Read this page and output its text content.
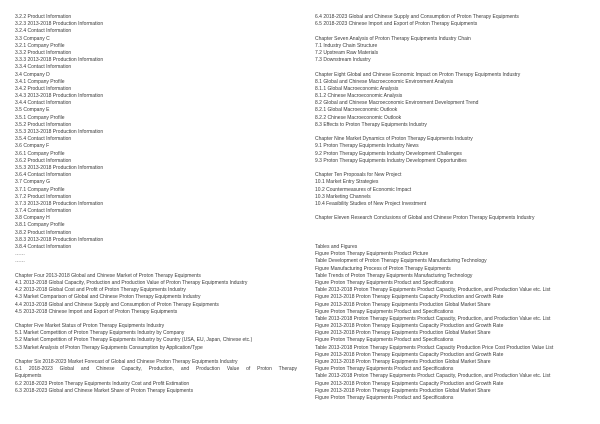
3.2.2 Product Information
3.2.3 2013-2018 Production Information
3.2.4 Contact Information
3.3 Company C
3.2.1 Company Profile
3.3.2 Product Information
3.3.3 2013-2018 Production Information
3.3.4 Contact Information
3.4 Company D
3.4.1 Company Profile
3.4.2 Product Information
3.4.3 2013-2018 Production Information
3.4.4 Contact Information
3.5 Company E
3.5.1 Company Profile
3.5.2 Product Information
3.5.3 2013-2018 Production Information
3.5.4 Contact Information
3.6 Company F
3.6.1 Company Profile
3.6.2 Product Information
3.5.3 2013-2018 Production Information
3.6.4 Contact Information
3.7 Company G
3.7.1 Company Profile
3.7.2 Product Information
3.7.3 2013-2018 Production Information
3.7.4 Contact Information
3.8 Company H
3.8.1 Company Profile
3.8.2 Product Information
3.8.3 2013-2018 Production Information
3.8.4 Contact Information
……
……
Chapter Four 2013-2018 Global and Chinese Market of Proton Therapy Equipments
4.1 2013-2018 Global Capacity, Production and Production Value of Proton Therapy Equipments Industry
4.2 2013-2018 Global Cost and Profit of Proton Therapy Equipments Industry
4.3 Market Comparison of Global and Chinese Proton Therapy Equipments Industry
4.4 2013-2018 Global and Chinese Supply and Consumption of Proton Therapy Equipments
4.5 2013-2018 Chinese Import and Export of Proton Therapy Equipments
Chapter Five Market Status of Proton Therapy Equipments Industry
5.1 Market Competition of Proton Therapy Equipments Industry by Company
5.2 Market Competition of Proton Therapy Equipments Industry by Country (USA, EU, Japan, Chinese etc.)
5.3 Market Analysis of Proton Therapy Equipments Consumption by Application/Type
Chapter Six 2018-2023 Market Forecast of Global and Chinese Proton Therapy Equipments Industry
6.1 2018-2023 Global and Chinese Capacity, Production, and Production Value of Proton Therapy
Equipments
6.2 2018-2023 Proton Therapy Equipments Industry Cost and Profit Estimation
6.3 2018-2023 Global and Chinese Market Share of Proton Therapy Equipments
6.4 2018-2023 Global and Chinese Supply and Consumption of Proton Therapy Equipments
6.5 2018-2023 Chinese Import and Export of Proton Therapy Equipments
Chapter Seven Analysis of Proton Therapy Equipments Industry Chain
7.1 Industry Chain Structure
7.2 Upstream Raw Materials
7.3 Downstream Industry
Chapter Eight Global and Chinese Economic Impact on Proton Therapy Equipments Industry
8.1 Global and Chinese Macroeconomic Environment Analysis
8.1.1 Global Macroeconomic Analysis
8.1.2 Chinese Macroeconomic Analysis
8.2 Global and Chinese Macroeconomic Environment Development Trend
8.2.1 Global Macroeconomic Outlook
8.2.2 Chinese Macroeconomic Outlook
8.3 Effects to Proton Therapy Equipments Industry
Chapter Nine Market Dynamics of Proton Therapy Equipments Industry
9.1 Proton Therapy Equipments Industry News
9.2 Proton Therapy Equipments Industry Development Challenges
9.3 Proton Therapy Equipments Industry Development Opportunities
Chapter Ten Proposals for New Project
10.1 Market Entry Strategies
10.2 Countermeasures of Economic Impact
10.3 Marketing Channels
10.4 Feasibility Studies of New Project Investment
Chapter Eleven Research Conclusions of Global and Chinese Proton Therapy Equipments Industry
Tables and Figures
Figure Proton Therapy Equipments Product Picture
Table Development of Proton Therapy Equipments Manufacturing Technology
Figure Manufacturing Process of Proton Therapy Equipments
Table Trends of Proton Therapy Equipments Manufacturing Technology
Figure Proton Therapy Equipments Product and Specifications
Table 2013-2018 Proton Therapy Equipments Product Capacity, Production, and Production Value etc. List
Figure 2013-2018 Proton Therapy Equipments Capacity Production and Growth Rate
Figure 2013-2018 Proton Therapy Equipments Production Global Market Share
Figure Proton Therapy Equipments Product and Specifications
Table 2013-2018 Proton Therapy Equipments Product Capacity, Production, and Production Value etc. List
Figure 2013-2018 Proton Therapy Equipments Capacity Production and Growth Rate
Figure 2013-2018 Proton Therapy Equipments Production Global Market Share
Figure Proton Therapy Equipments Product and Specifications
Table 2013-2018 Proton Therapy Equipments Product Capacity Production Price Cost Production Value List
Figure 2013-2018 Proton Therapy Equipments Capacity Production and Growth Rate
Figure 2013-2018 Proton Therapy Equipments Production Global Market Share
Figure Proton Therapy Equipments Product and Specifications
Table 2013-2018 Proton Therapy Equipments Product Capacity, Production, and Production Value etc. List
Figure 2013-2018 Proton Therapy Equipments Capacity Production and Growth Rate
Figure 2013-2018 Proton Therapy Equipments Production Global Market Share
Figure Proton Therapy Equipments Product and Specifications
